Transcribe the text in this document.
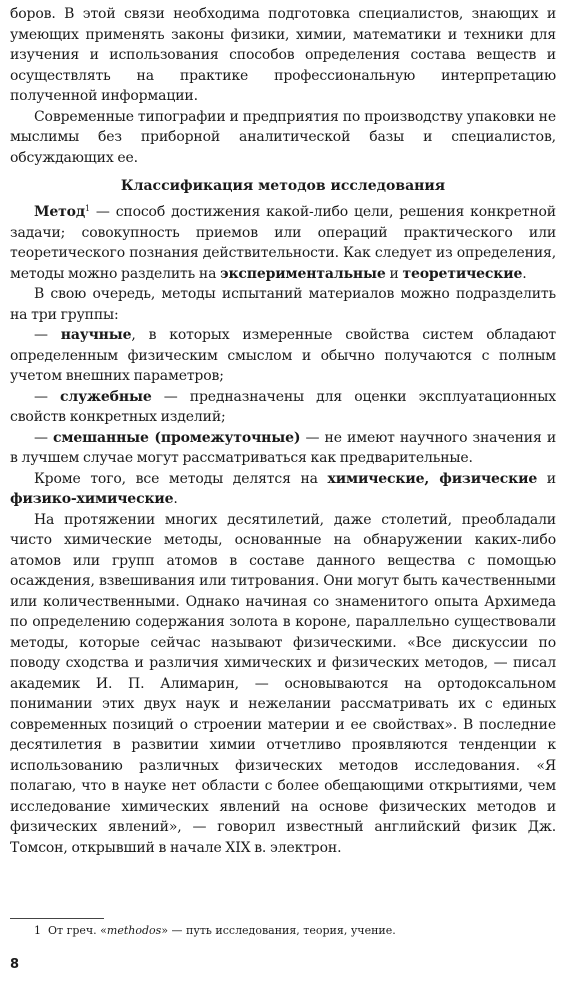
боров. В этой связи необходима подготовка специалистов, знающих и умеющих применять законы физики, химии, математики и техники для изучения и использования способов определения состава веществ и осуществлять на практике профессиональную интерпретацию полученной информации.

Современные типографии и предприятия по производству упаковки не мыслимы без приборной аналитической базы и специалистов, обсуждающих ее.

Классификация методов исследования

Метод$^1$ — способ достижения какой-либо цели, решения конкретной задачи; совокупность приемов или операций практического или теоретического познания действительности. Как следует из определения, методы можно разделить на экспериментальные и теоретические.

В свою очередь, методы испытаний материалов можно подразделить на три группы:

— научные, в которых измеренные свойства систем обладают определенным физическим смыслом и обычно получаются с полным учетом внешних параметров;

— служебные — предназначены для оценки эксплуатационных свойств конкретных изделий;

— смешанные (промежуточные) — не имеют научного значения и в лучшем случае могут рассматриваться как предварительные.

Кроме того, все методы делятся на химические, физические и физико-химические.

На протяжении многих десятилетий, даже столетий, преобладали чисто химические методы, основанные на обнаружении каких-либо атомов или групп атомов в составе данного вещества с помощью осаждения, взвешивания или титрования. Они могут быть качественными или количественными. Однако начиная со знаменитого опыта Архимеда по определению содержания золота в короне, параллельно существовали методы, которые сейчас называют физическими. «Все дискуссии по поводу сходства и различия химических и физических методов, — писал академик И. П. Алимарин, — основываются на ортодоксальном понимании этих двух наук и нежелании рассматривать их с единых современных позиций о строении материи и ее свойствах». В последние десятилетия в развитии химии отчетливо проявляются тенденции к использованию различных физических методов исследования. «Я полагаю, что в науке нет области с более обещающими открытиями, чем исследование химических явлений на основе физических методов и физических явлений», — говорил известный английский физик Дж. Томсон, открывший в начале XIX в. электрон.

1 От греч. «methodos» — путь исследования, теория, учение.
8
